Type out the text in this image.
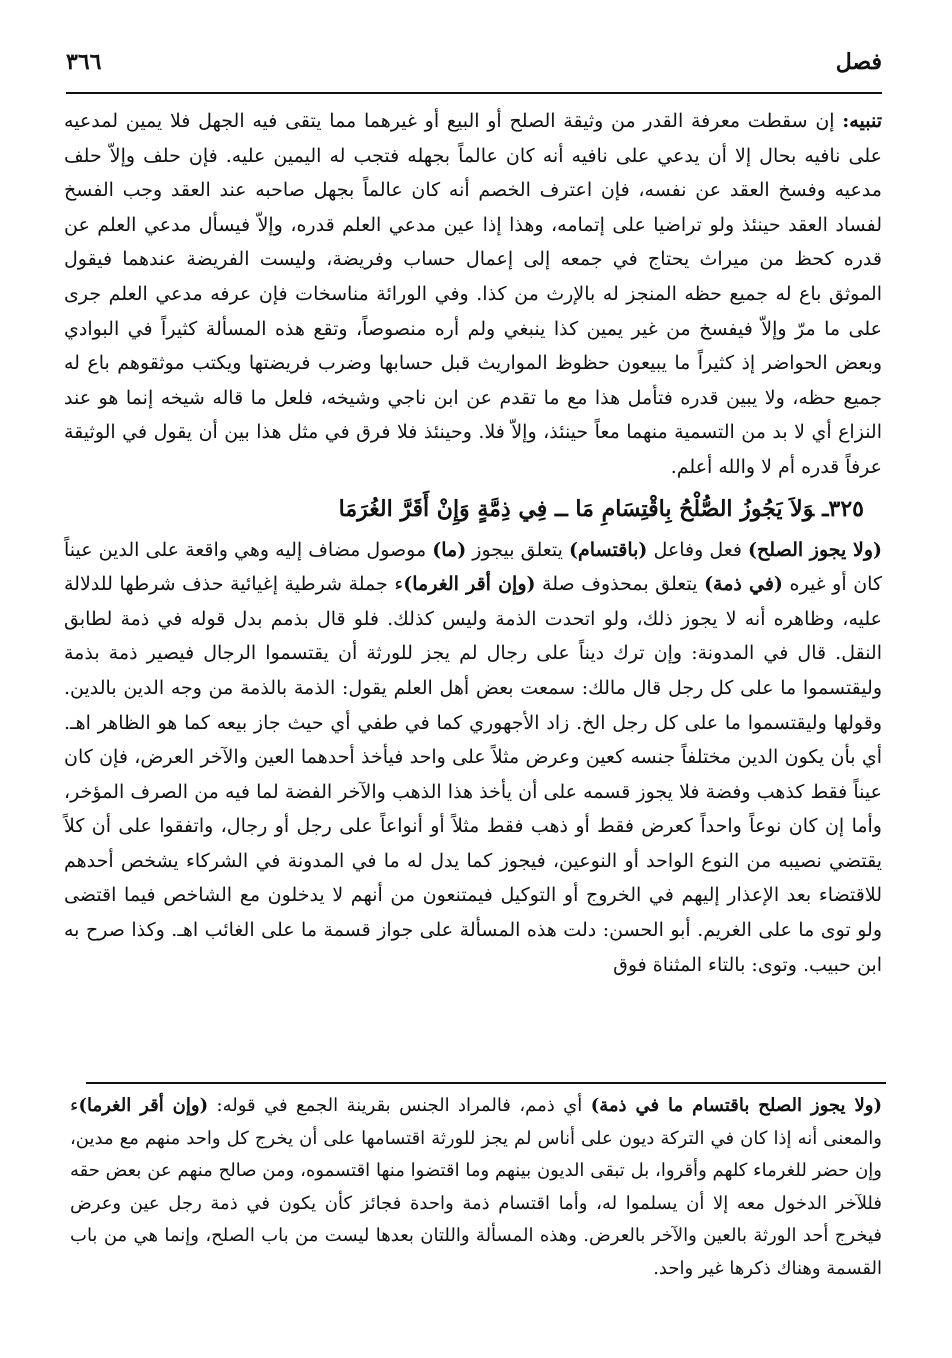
فصل
٣٦٦

تنبيه: إن سقطت معرفة القدر من وثيقة الصلح أو البيع أو غيرهما مما يتقى فيه الجهل فلا يمين لمدعيه على نافيه بحال إلا أن يدعي على نافيه أنه كان عالماً بجهله فتجب له اليمين عليه. فإن حلف وإلاّ حلف مدعيه وفسخ العقد عن نفسه، فإن اعترف الخصم أنه كان عالماً بجهل صاحبه عند العقد وجب الفسخ لفساد العقد حينئذ ولو تراضيا على إتمامه، وهذا إذا عين مدعي العلم قدره، وإلاّ فيسأل مدعي العلم عن قدره كحظ من ميراث يحتاج في جمعه إلى إعمال حساب وفريضة، وليست الفريضة عندهما فيقول الموثق باع له جميع حظه المنجز له بالإرث من كذا. وفي الورائة مناسخات فإن عرفه مدعي العلم جرى على ما مرّ وإلاّ فيفسخ من غير يمين كذا ينبغي ولم أره منصوصاً، وتقع هذه المسألة كثيراً في البوادي وبعض الحواضر إذ كثيراً ما يبيعون حظوظ المواريث قبل حسابها وضرب فريضتها ويكتب موثقوهم باع له جميع حظه، ولا يبين قدره فتأمل هذا مع ما تقدم عن ابن ناجي وشيخه، فلعل ما قاله شيخه إنما هو عند النزاع أي لا بد من التسمية منهما معاً حينئذ، وإلاّ فلا. وحينئذ فلا فرق في مثل هذا بين أن يقول في الوثيقة عرفاً قدره أم لا والله أعلم.

٣٢٥ـوَلاَ يَجُوزُ الصُّلْحُ بِاقْتِسَامِ مَا ــ فِي ذِمَّةٍ وَإِنْ أَقَرَّ الغُرَمَا

(ولا يجوز الصلح) فعل وفاعل (باقتسام) يتعلق بيجوز (ما) موصول مضاف إليه وهي واقعة على الدين عيناً كان أو غيره (في ذمة) يتعلق بمحذوف صلة (وإن أقر الغرما)ء جملة شرطية إغيائية حذف شرطها للدلالة عليه، وظاهره أنه لا يجوز ذلك، ولو اتحدت الذمة وليس كذلك. فلو قال بذمم بدل قوله في ذمة لطابق النقل. قال في المدونة: وإن ترك ديناً على رجال لم يجز للورثة أن يقتسموا الرجال فيصير ذمة بذمة وليقتسموا ما على كل رجل قال مالك: سمعت بعض أهل العلم يقول: الذمة بالذمة من وجه الدين بالدين. وقولها وليقتسموا ما على كل رجل الخ. زاد الأجهوري كما في طفي أي حيث جاز بيعه كما هو الظاهر اهـ. أي بأن يكون الدين مختلفاً جنسه كعين وعرض مثلاً على واحد فيأخذ أحدهما العين والآخر العرض، فإن كان عيناً فقط كذهب وفضة فلا يجوز قسمه على أن يأخذ هذا الذهب والآخر الفضة لما فيه من الصرف المؤخر، وأما إن كان نوعاً واحداً كعرض فقط أو ذهب فقط مثلاً أو أنواعاً على رجل أو رجال، واتفقوا على أن كلاً يقتضي نصيبه من النوع الواحد أو النوعين، فيجوز كما يدل له ما في المدونة في الشركاء يشخص أحدهم للاقتضاء بعد الإعذار إليهم في الخروج أو التوكيل فيمتنعون من أنهم لا يدخلون مع الشاخص فيما اقتضى ولو توى ما على الغريم. أبو الحسن: دلت هذه المسألة على جواز قسمة ما على الغائب اهـ. وكذا صرح به ابن حبيب. وتوى: بالتاء المثناة فوق

(ولا يجوز الصلح باقتسام ما في ذمة) أي ذمم، فالمراد الجنس بقرينة الجمع في قوله: (وإن أقر الغرما)ء والمعنى أنه إذا كان في التركة ديون على أناس لم يجز للورثة اقتسامها على أن يخرج كل واحد منهم مع مدين، وإن حضر للغرماء كلهم وأقروا، بل تبقى الديون بينهم وما اقتضوا منها اقتسموه، ومن صالح منهم عن بعض حقه فللآخر الدخول معه إلا أن يسلموا له، وأما اقتسام ذمة واحدة فجائز كأن يكون في ذمة رجل عين وعرض فيخرج أحد الورثة بالعين والآخر بالعرض. وهذه المسألة واللتان بعدها ليست من باب الصلح، وإنما هي من باب القسمة وهناك ذكرها غير واحد.
